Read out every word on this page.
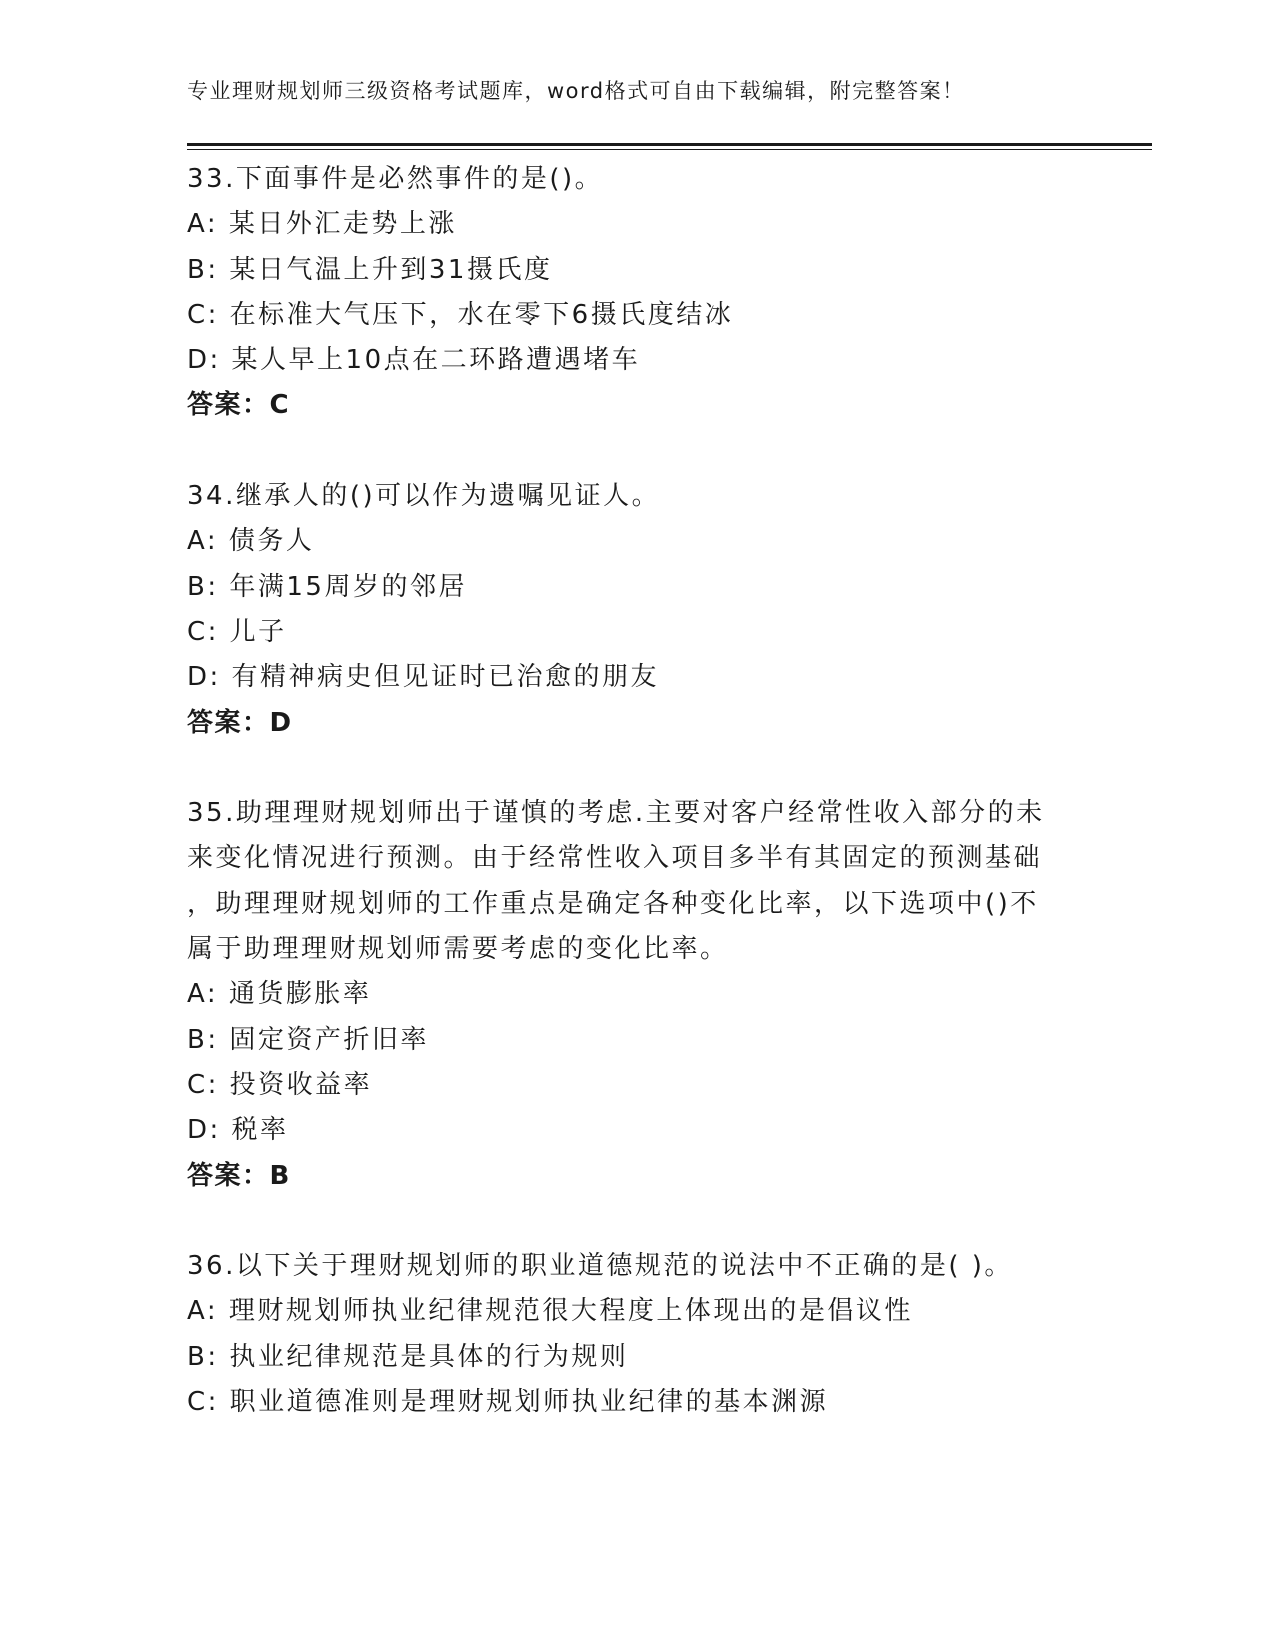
专业理财规划师三级资格考试题库，word格式可自由下载编辑，附完整答案！
33.下面事件是必然事件的是()。
A: 某日外汇走势上涨
B: 某日气温上升到31摄氏度
C: 在标准大气压下，水在零下6摄氏度结冰
D: 某人早上10点在二环路遭遇堵车
答案：C
34.继承人的()可以作为遗嘱见证人。
A: 债务人
B: 年满15周岁的邻居
C: 儿子
D: 有精神病史但见证时已治愈的朋友
答案：D
35.助理理财规划师出于谨慎的考虑.主要对客户经常性收入部分的未
来变化情况进行预测。由于经常性收入项目多半有其固定的预测基础
，助理理财规划师的工作重点是确定各种变化比率，以下选项中()不
属于助理理财规划师需要考虑的变化比率。
A: 通货膨胀率
B: 固定资产折旧率
C: 投资收益率
D: 税率
答案：B
36.以下关于理财规划师的职业道德规范的说法中不正确的是( )。
A: 理财规划师执业纪律规范很大程度上体现出的是倡议性
B: 执业纪律规范是具体的行为规则
C: 职业道德准则是理财规划师执业纪律的基本渊源
